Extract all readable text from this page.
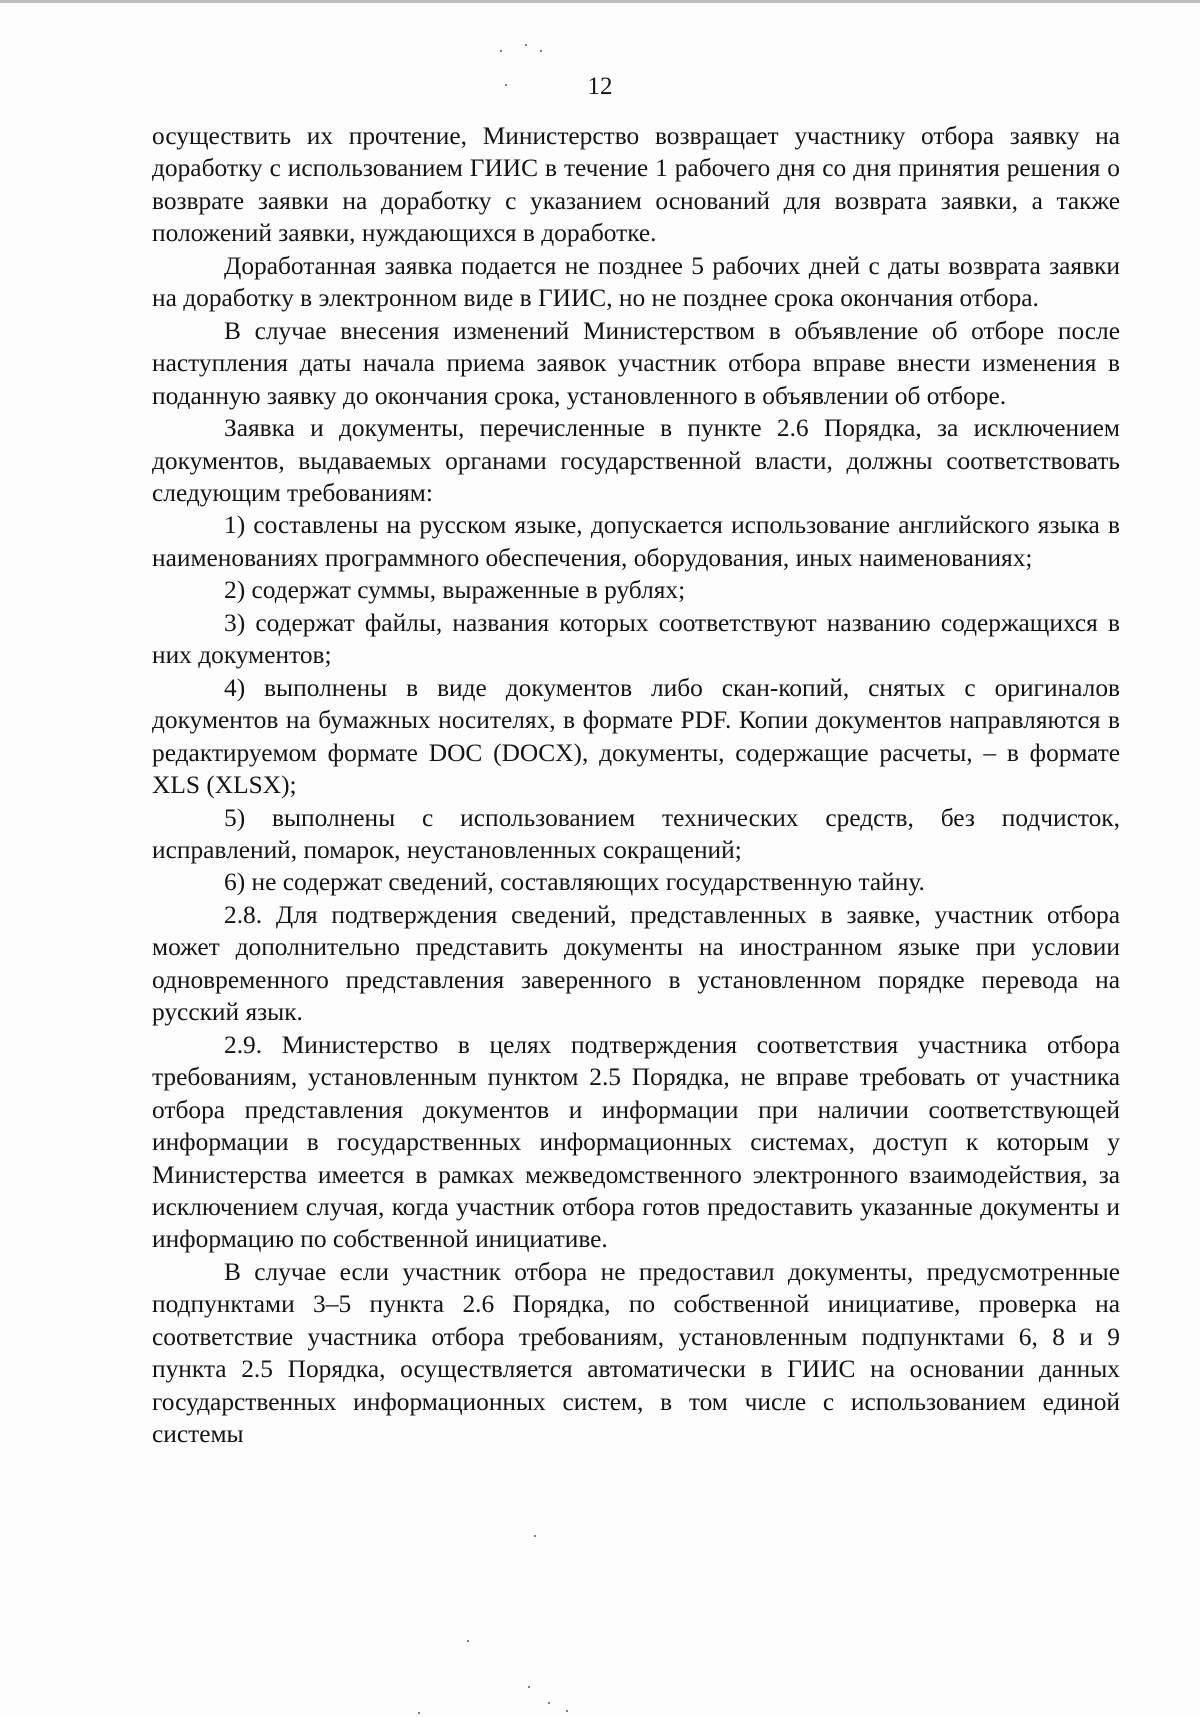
12

осуществить их прочтение, Министерство возвращает участнику отбора заявку на доработку с использованием ГИИС в течение 1 рабочего дня со дня принятия решения о возврате заявки на доработку с указанием оснований для возврата заявки, а также положений заявки, нуждающихся в доработке.

Доработанная заявка подается не позднее 5 рабочих дней с даты возврата заявки на доработку в электронном виде в ГИИС, но не позднее срока окончания отбора.

В случае внесения изменений Министерством в объявление об отборе после наступления даты начала приема заявок участник отбора вправе внести изменения в поданную заявку до окончания срока, установленного в объявлении об отборе.

Заявка и документы, перечисленные в пункте 2.6 Порядка, за исключением документов, выдаваемых органами государственной власти, должны соответствовать следующим требованиям:

1) составлены на русском языке, допускается использование английского языка в наименованиях программного обеспечения, оборудования, иных наименованиях;

2) содержат суммы, выраженные в рублях;

3) содержат файлы, названия которых соответствуют названию содержащихся в них документов;

4) выполнены в виде документов либо скан-копий, снятых с оригиналов документов на бумажных носителях, в формате PDF. Копии документов направляются в редактируемом формате DOC (DOCX), документы, содержащие расчеты, – в формате XLS (XLSX);

5) выполнены с использованием технических средств, без подчисток, исправлений, помарок, неустановленных сокращений;

6) не содержат сведений, составляющих государственную тайну.

2.8. Для подтверждения сведений, представленных в заявке, участник отбора может дополнительно представить документы на иностранном языке при условии одновременного представления заверенного в установленном порядке перевода на русский язык.

2.9. Министерство в целях подтверждения соответствия участника отбора требованиям, установленным пунктом 2.5 Порядка, не вправе требовать от участника отбора представления документов и информации при наличии соответствующей информации в государственных информационных системах, доступ к которым у Министерства имеется в рамках межведомственного электронного взаимодействия, за исключением случая, когда участник отбора готов предоставить указанные документы и информацию по собственной инициативе.

В случае если участник отбора не предоставил документы, предусмотренные подпунктами 3–5 пункта 2.6 Порядка, по собственной инициативе, проверка на соответствие участника отбора требованиям, установленным подпунктами 6, 8 и 9 пункта 2.5 Порядка, осуществляется автоматически в ГИИС на основании данных государственных информационных систем, в том числе с использованием единой системы
